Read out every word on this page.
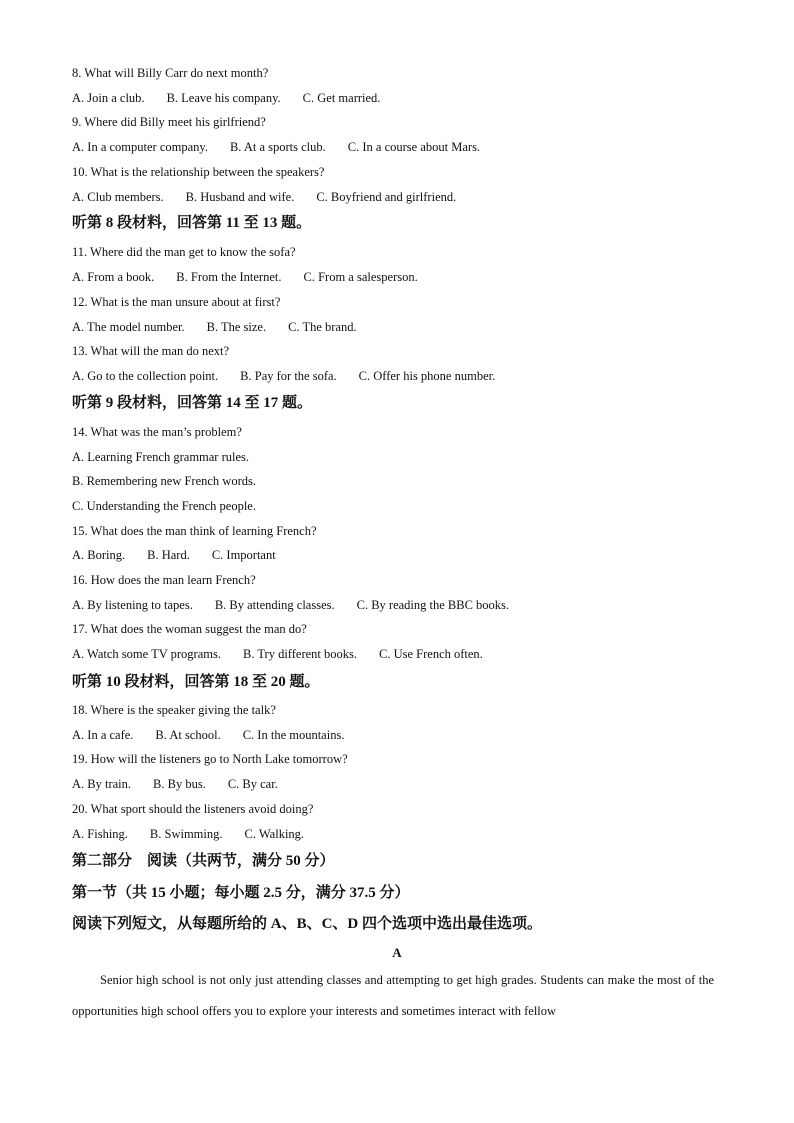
8. What will Billy Carr do next month?
A. Join a club. B. Leave his company. C. Get married.
9. Where did Billy meet his girlfriend?
A. In a computer company. B. At a sports club. C. In a course about Mars.
10. What is the relationship between the speakers?
A. Club members. B. Husband and wife. C. Boyfriend and girlfriend.
听第 8 段材料，回答第 11 至 13 题。
11. Where did the man get to know the sofa?
A. From a book. B. From the Internet. C. From a salesperson.
12. What is the man unsure about at first?
A. The model number. B. The size. C. The brand.
13. What will the man do next?
A. Go to the collection point. B. Pay for the sofa. C. Offer his phone number.
听第 9 段材料，回答第 14 至 17 题。
14. What was the man’s problem?
A. Learning French grammar rules.
B. Remembering new French words.
C. Understanding the French people.
15. What does the man think of learning French?
A. Boring. B. Hard. C. Important
16. How does the man learn French?
A. By listening to tapes. B. By attending classes. C. By reading the BBC books.
17. What does the woman suggest the man do?
A. Watch some TV programs. B. Try different books. C. Use French often.
听第 10 段材料，回答第 18 至 20 题。
18. Where is the speaker giving the talk?
A. In a cafe. B. At school. C. In the mountains.
19. How will the listeners go to North Lake tomorrow?
A. By train. B. By bus. C. By car.
20. What sport should the listeners avoid doing?
A. Fishing. B. Swimming. C. Walking.
第二部分　阅读（共两节，满分 50 分）
第一节（共 15 小题；每小题 2.5 分，满分 37.5 分）
阅读下列短文，从每题所给的 A、B、C、D 四个选项中选出最佳选项。
A
Senior high school is not only just attending classes and attempting to get high grades. Students can make the most of the opportunities high school offers you to explore your interests and sometimes interact with fellow
